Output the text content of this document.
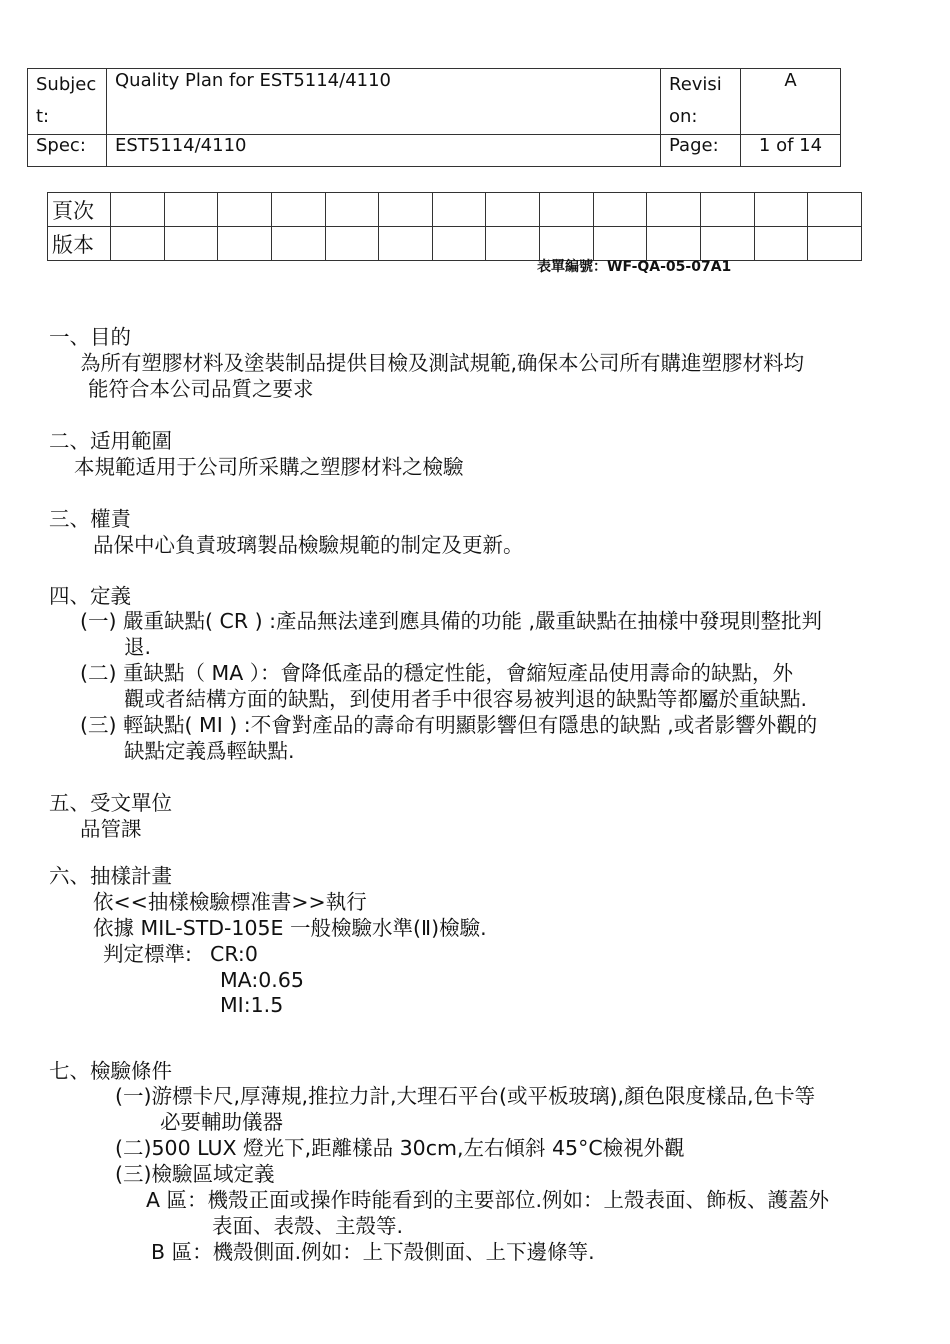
Subject:	Quality Plan for EST5114/4110	Revision:	A
Spec:	EST5114/4110	Page:	1 of 14
頁次														
版本														
表單編號：WF-QA-05-07A1
一、目的
為所有塑膠材料及塗裝制品提供目檢及測試規範,确保本公司所有購進塑膠材料均
能符合本公司品質之要求
二、适用範圍
本規範适用于公司所采購之塑膠材料之檢驗
三、權責
品保中心負責玻璃製品檢驗規範的制定及更新。
四、定義
(一) 嚴重缺點( CR ) :產品無法達到應具備的功能 ,嚴重缺點在抽樣中發現則整批判
退.
(二) 重缺點（ MA ）：會降低產品的穩定性能，會縮短產品使用壽命的缺點，外
觀或者結構方面的缺點，到使用者手中很容易被判退的缺點等都屬於重缺點.
(三) 輕缺點( MI ) :不會對產品的壽命有明顯影響但有隱患的缺點 ,或者影響外觀的
缺點定義爲輕缺點.
五、受文單位
品管課
六、抽樣計畫
依<<抽樣檢驗標准書>>執行
依據 MIL-STD-105E 一般檢驗水準(Ⅱ)檢驗.
判定標準: CR:0
MA:0.65
MI:1.5
七、檢驗條件
(一)游標卡尺,厚薄規,推拉力計,大理石平台(或平板玻璃),顏色限度樣品,色卡等
必要輔助儀器
(二)500 LUX 燈光下,距離樣品 30cm,左右傾斜 45°C檢視外觀
(三)檢驗區域定義
A 區：機殼正面或操作時能看到的主要部位.例如：上殼表面、飾板、護蓋外
表面、表殼、主殼等.
B 區：機殼側面.例如：上下殼側面、上下邊條等.
